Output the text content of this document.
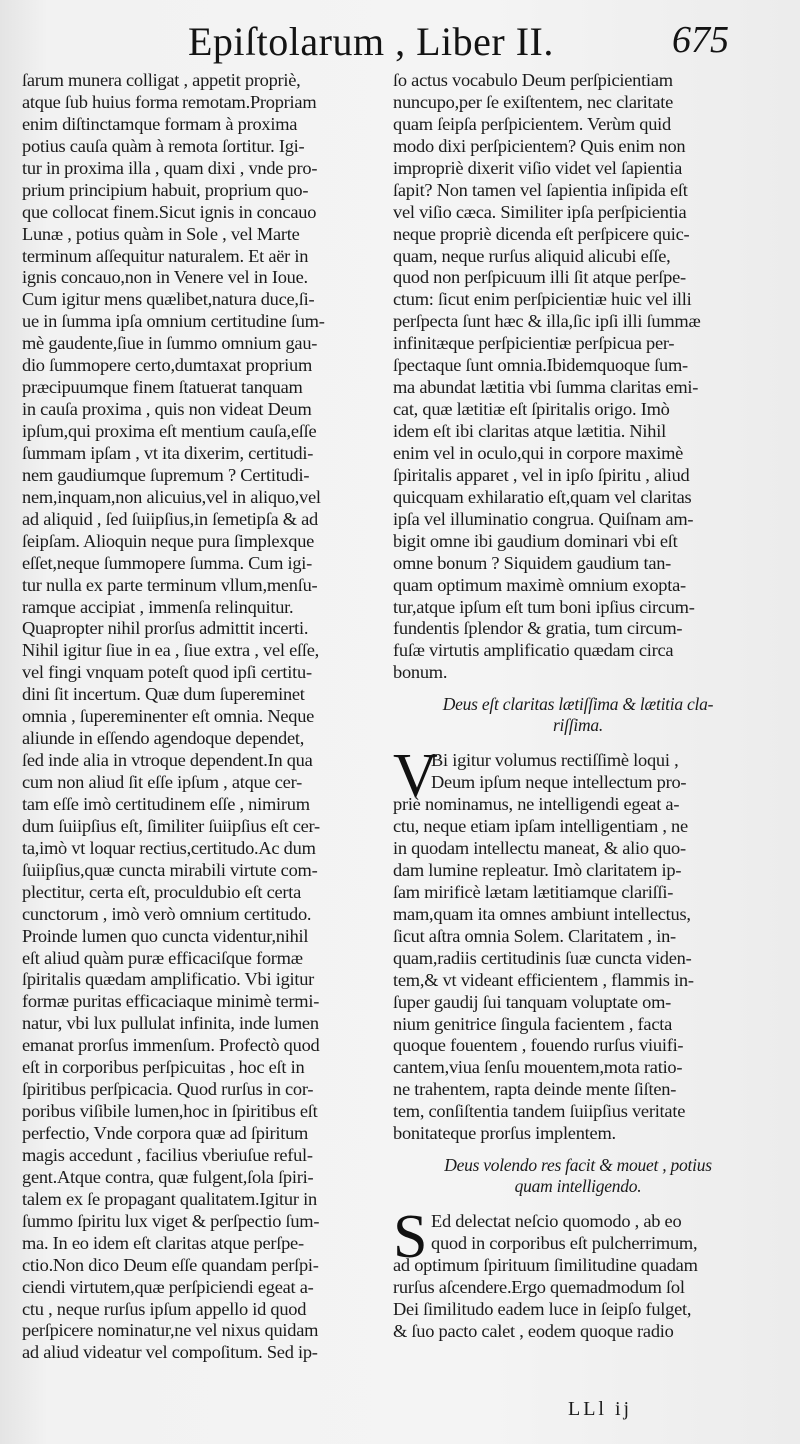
Epiſtolarum , Liber II.	675
ſarum munera colligat , appetit propriè,
atque ſub huius forma remotam.Propriam
enim diſtinctamque formam à proxima
potius cauſa quàm à remota ſortitur. Igi-
tur in proxima illa , quam dixi , vnde pro-
prium principium habuit, proprium quo-
que collocat finem.Sicut ignis in concauo
Lunæ , potius quàm in Sole , vel Marte
terminum aſſequitur naturalem. Et aër in
ignis concauo,non in Venere vel in Ioue.
Cum igitur mens quælibet,natura duce,ſi-
ue in ſumma ipſa omnium certitudine ſum-
mè gaudente,ſiue in ſummo omnium gau-
dio ſummopere certo,dumtaxat proprium
præcipuumque finem ſtatuerat tanquam
in cauſa proxima , quis non videat Deum
ipſum,qui proxima eſt mentium cauſa,eſſe
ſummam ipſam , vt ita dixerim, certitudi-
nem gaudiumque ſupremum ? Certitudi-
nem,inquam,non alicuius,vel in aliquo,vel
ad aliquid , ſed ſuiipſius,in ſemetipſa & ad
ſeipſam. Alioquin neque pura ſimplexque
eſſet,neque ſummopere ſumma. Cum igi-
tur nulla ex parte terminum vllum,menſu-
ramque accipiat , immenſa relinquitur.
Quapropter nihil prorſus admittit incerti.
Nihil igitur ſiue in ea , ſiue extra , vel eſſe,
vel fingi vnquam poteſt quod ipſi certitu-
dini ſit incertum. Quæ dum ſupereminet
omnia , ſupereminenter eſt omnia. Neque
aliunde in eſſendo agendoque dependet,
ſed inde alia in vtroque dependent.In qua
cum non aliud ſit eſſe ipſum , atque cer-
tam eſſe imò certitudinem eſſe , nimirum
dum ſuiipſius eſt, ſimiliter ſuiipſius eſt cer-
ta,imò vt loquar rectius,certitudo.Ac dum
ſuiipſius,quæ cuncta mirabili virtute com-
plectitur, certa eſt, proculdubio eſt certa
cunctorum , imò verò omnium certitudo.
Proinde lumen quo cuncta videntur,nihil
eſt aliud quàm puræ efficaciſque formæ
ſpiritalis quædam amplificatio. Vbi igitur
formæ puritas efficaciaque minimè termi-
natur, vbi lux pullulat infinita, inde lumen
emanat prorſus immenſum. Profectò quod
eſt in corporibus perſpicuitas , hoc eſt in
ſpiritibus perſpicacia. Quod rurſus in cor-
poribus viſibile lumen,hoc in ſpiritibus eſt
perfectio, Vnde corpora quæ ad ſpiritum
magis accedunt , facilius vberiuſue reful-
gent.Atque contra, quæ fulgent,ſola ſpiri-
talem ex ſe propagant qualitatem.Igitur in
ſummo ſpiritu lux viget & perſpectio ſum-
ma. In eo idem eſt claritas atque perſpe-
ctio.Non dico Deum eſſe quandam perſpi-
ciendi virtutem,quæ perſpiciendi egeat a-
ctu , neque rurſus ipſum appello id quod
perſpicere nominatur,ne vel nixus quidam
ad aliud videatur vel compoſitum. Sed ip-
ſo actus vocabulo Deum perſpicientiam
nuncupo,per ſe exiſtentem, nec claritate
quam ſeipſa perſpicientem. Verùm quid
modo dixi perſpicientem? Quis enim non
impropriè dixerit viſio videt vel ſapientia
ſapit? Non tamen vel ſapientia inſipida eſt
vel viſio cæca. Similiter ipſa perſpicientia
neque propriè dicenda eſt perſpicere quic-
quam, neque rurſus aliquid alicubi eſſe,
quod non perſpicuum illi ſit atque perſpe-
ctum: ſicut enim perſpicientiæ huic vel illi
perſpecta ſunt hæc & illa,ſic ipſi illi ſummæ
infinitæque perſpicientiæ perſpicua per-
ſpectaque ſunt omnia.Ibidemquoque ſum-
ma abundat lætitia vbi ſumma claritas emi-
cat, quæ lætitiæ eſt ſpiritalis origo. Imò
idem eſt ibi claritas atque lætitia. Nihil
enim vel in oculo,qui in corpore maximè
ſpiritalis apparet , vel in ipſo ſpiritu , aliud
quicquam exhilaratio eſt,quam vel claritas
ipſa vel illuminatio congrua. Quiſnam am-
bigit omne ibi gaudium dominari vbi eſt
omne bonum ? Siquidem gaudium tan-
quam optimum maximè omnium exopta-
tur,atque ipſum eſt tum boni ipſius circum-
fundentis ſplendor & gratia, tum circum-
fuſæ virtutis amplificatio quædam circa
bonum.
Deus eſt claritas lætiſſima & lætitia cla-
riſſima.
V
Bi igitur volumus rectiſſimè loqui ,
Deum ipſum neque intellectum pro-
priè nominamus, ne intelligendi egeat a-
ctu, neque etiam ipſam intelligentiam , ne
in quodam intellectu maneat, & alio quo-
dam lumine repleatur. Imò claritatem ip-
ſam mirificè lætam lætitiamque clariſſi-
mam,quam ita omnes ambiunt intellectus,
ſicut aſtra omnia Solem. Claritatem , in-
quam,radiis certitudinis ſuæ cuncta viden-
tem,& vt videant efficientem , flammis in-
ſuper gaudij ſui tanquam voluptate om-
nium genitrice ſingula facientem , facta
quoque fouentem , fouendo rurſus viuifi-
cantem,viua ſenſu mouentem,mota ratio-
ne trahentem, rapta deinde mente ſiſten-
tem, conſiſtentia tandem ſuiipſius veritate
bonitateque prorſus implentem.
Deus volendo res facit & mouet , potius
quam intelligendo.
S Ed delectat neſcio quomodo , ab eo
quod in corporibus eſt pulcherrimum,
ad optimum ſpirituum ſimilitudine quadam
rurſus aſcendere.Ergo quemadmodum ſol
Dei ſimilitudo eadem luce in ſeipſo fulget,
& ſuo pacto calet , eodem quoque radio
LLl ij
